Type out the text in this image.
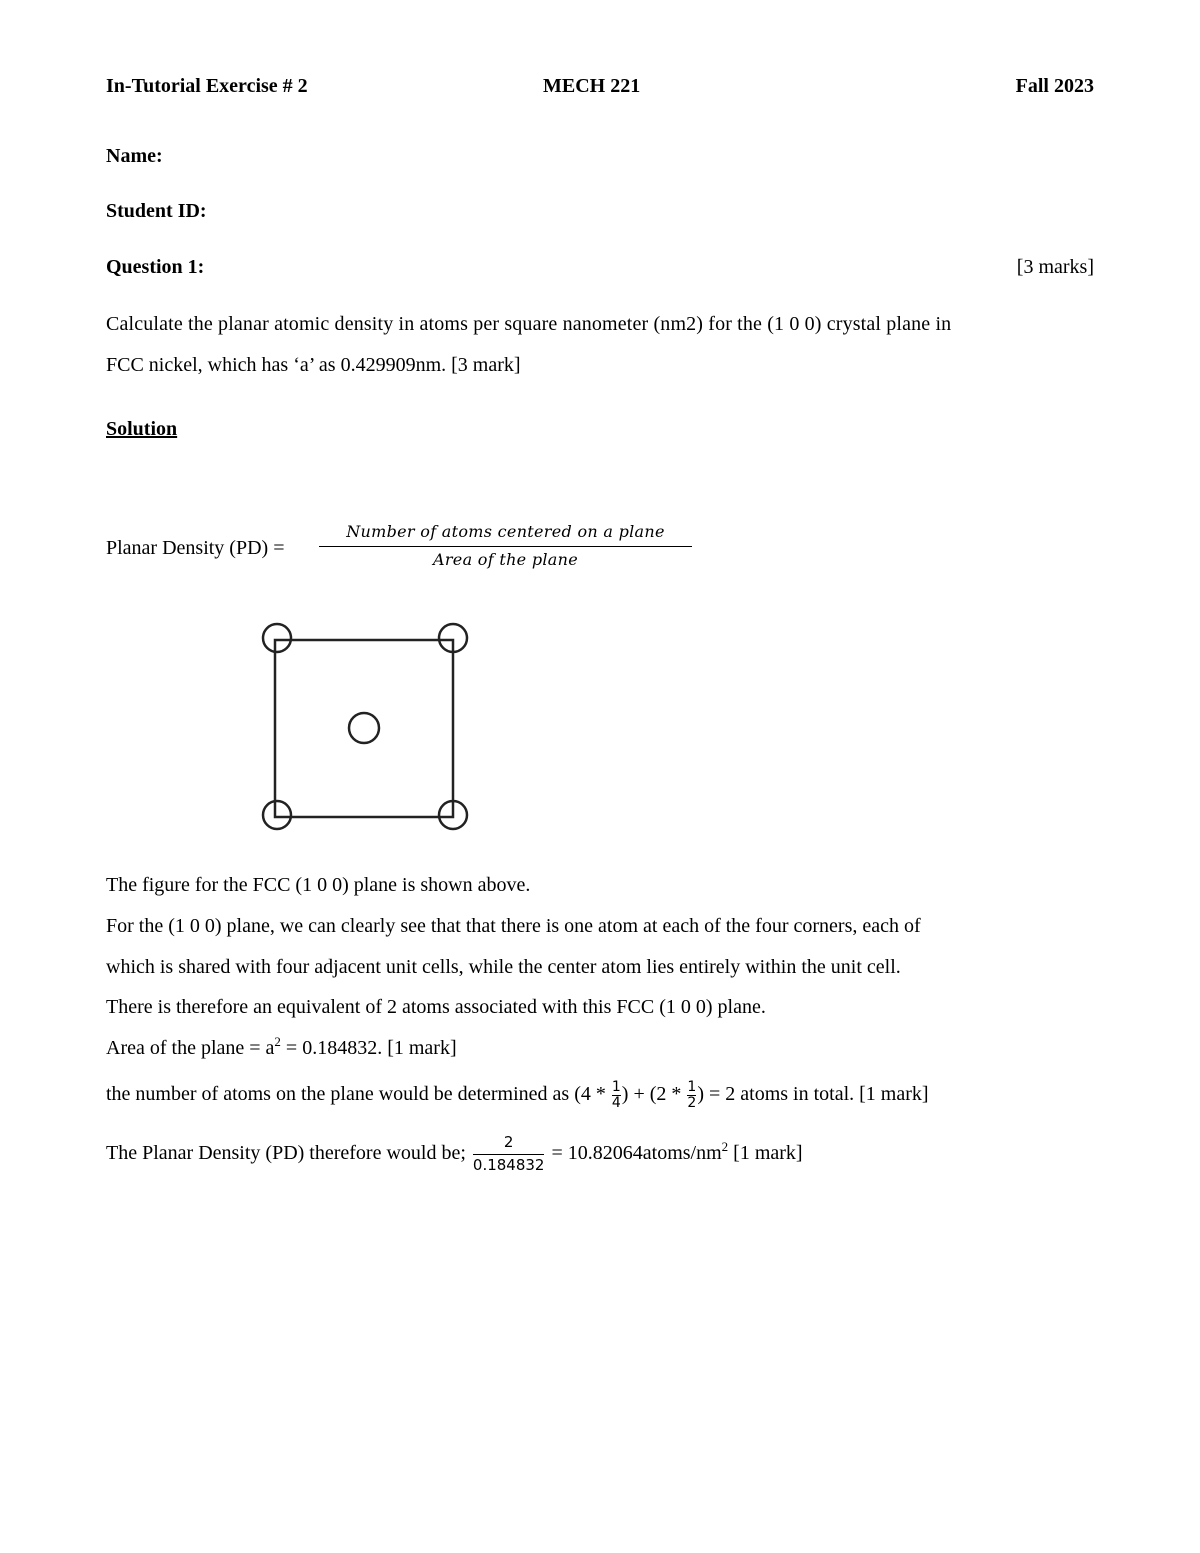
In-Tutorial Exercise # 2	MECH 221	Fall 2023
Name:
Student ID:
Question 1:	[3 marks]
Calculate the planar atomic density in atoms per square nanometer (nm2) for the (1 0 0) crystal plane in
FCC nickel, which has ‘a’ as 0.429909nm. [3 mark]
Solution
Planar Density (PD) =
Number of atoms centered on a plane
Area of the plane
The figure for the FCC (1 0 0) plane is shown above.
For the (1 0 0) plane, we can clearly see that that there is one atom at each of the four corners, each of
which is shared with four adjacent unit cells, while the center atom lies entirely within the unit cell.
There is therefore an equivalent of 2 atoms associated with this FCC (1 0 0) plane.
Area of the plane = $a^2 = 0.184832$. [1 mark]
the number of atoms on the plane would be determined as ($4 * \frac{1}{4}$ ) + ($2 * \frac{1}{2}$ ) = 2 atoms in total. [1 mark]
The Planar Density (PD) therefore would be; $\frac{2}{0.184832}$ = $10.82064atoms/nm^2$ [1 mark]
